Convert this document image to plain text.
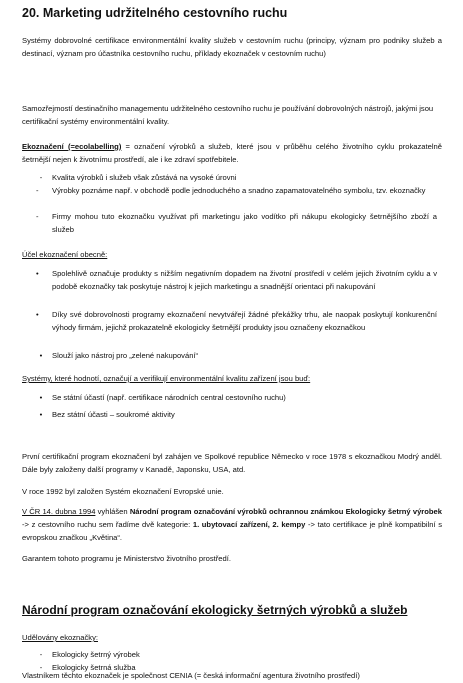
20. Marketing udržitelného cestovního ruchu
Systémy dobrovolné certifikace environmentální kvality služeb v cestovním ruchu (principy, význam pro podniky služeb a destinací, význam pro účastníka cestovního ruchu, příklady ekoznaček v cestovním ruchu)
Samozřejmostí destinačního managementu udržitelného cestovního ruchu je používání dobrovolných nástrojů, jakými jsou certifikační systémy environmentální kvality.
Ekoznačení (=ecolabelling) = označení výrobků a služeb, které jsou v průběhu celého životního cyklu prokazatelně šetrnější nejen k životnímu prostředí, ale i ke zdraví spotřebitele.
-	Kvalita výrobků i služeb však zůstává na vysoké úrovni
-	Výrobky poznáme např. v obchodě podle jednoduchého a snadno zapamatovatelného symbolu, tzv. ekoznačky
-	Firmy mohou tuto ekoznačku využívat při marketingu jako vodítko při nákupu ekologicky šetrnějšího zboží a služeb
Účel ekoznačení obecně:
•	Spolehlivě označuje produkty s nižším negativním dopadem na životní prostředí v celém jejich životním cyklu a v podobě ekoznačky tak poskytuje nástroj k jejich marketingu a snadnější orientaci při nakupování
•	Díky své dobrovolnosti programy ekoznačení nevytvářejí žádné překážky trhu, ale naopak poskytují konkurenční výhody firmám, jejichž prokazatelně ekologicky šetrnější produkty jsou označeny ekoznačkou
•	Slouží jako nástroj pro „zelené nakupování“
Systémy, které hodnotí, označují a verifikují environmentální kvalitu zařízení jsou buď:
•	Se státní účastí (např. certifikace národních central cestovního ruchu)
•	Bez státní účasti – soukromé aktivity
První certifikační program ekoznačení byl zahájen ve Spolkové republice Německo v roce 1978 s ekoznačkou Modrý anděl. Dále byly založeny další programy v Kanadě, Japonsku, USA, atd.
V roce 1992 byl založen Systém ekoznačení Evropské unie.
V ČR 14. dubna 1994 vyhlášen Národní program označování výrobků ochrannou známkou Ekologicky šetrný výrobek -> z cestovního ruchu sem řadíme dvě kategorie: 1. ubytovací zařízení, 2. kempy -> tato certifikace je plně kompatibilní s evropskou značkou „Květina“.
Garantem tohoto programu je Ministerstvo životního prostředí.
Národní program označování ekologicky šetrných výrobků a služeb
Udělovány ekoznačky:
-	Ekologicky šetrný výrobek
-	Ekologicky šetrná služba
Vlastníkem těchto ekoznaček je společnost CENIA (= česká informační agentura životního prostředí)
